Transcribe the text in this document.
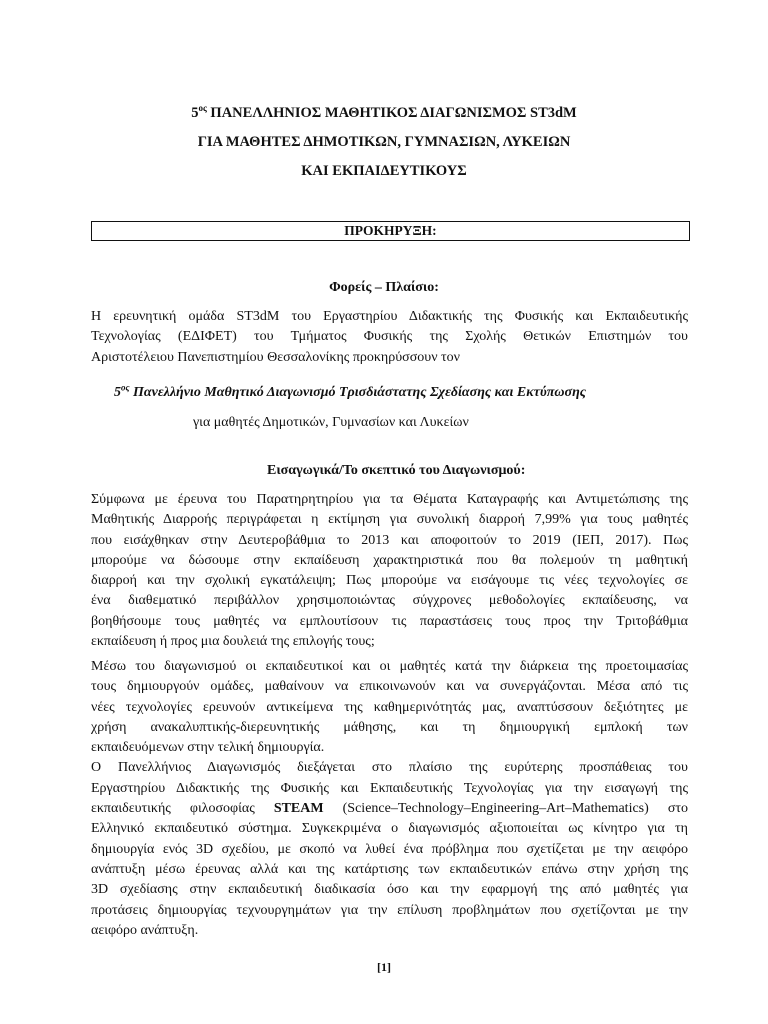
$5^{o\varsigma}$ ΠΑΝΕΛΛΗΝΙΟΣ ΜΑΘΗΤΙΚΟΣ ΔΙΑΓΩΝΙΣΜΟΣ ST3dM
ΓΙΑ ΜΑΘΗΤΕΣ ΔΗΜΟΤΙΚΩΝ, ΓΥΜΝΑΣΙΩΝ, ΛΥΚΕΙΩΝ
ΚΑΙ ΕΚΠΑΙΔΕΥΤΙΚΟΥΣ
ΠΡΟΚΗΡΥΞΗ:
Φορείς – Πλαίσιο:
Η ερευνητική ομάδα ST3dM του Εργαστηρίου Διδακτικής της Φυσικής και Εκπαιδευτικής
Τεχνολογίας (ΕΔΙΦΕΤ) του Τμήματος Φυσικής της Σχολής Θετικών Επιστημών του
Αριστοτέλειου Πανεπιστημίου Θεσσαλονίκης προκηρύσσουν τον
$5^{o\varsigma}$ Πανελλήνιο Μαθητικό Διαγωνισμό Τρισδιάστατης Σχεδίασης και Εκτύπωσης
για μαθητές Δημοτικών, Γυμνασίων και Λυκείων
Εισαγωγικά/Το σκεπτικό του Διαγωνισμού:
Σύμφωνα με έρευνα του Παρατηρητηρίου για τα Θέματα Καταγραφής και Αντιμετώπισης της
Μαθητικής Διαρροής περιγράφεται η εκτίμηση για συνολική διαρροή 7,99% για τους μαθητές
που εισάχθηκαν στην Δευτεροβάθμια το 2013 και αποφοιτούν το 2019 (ΙΕΠ, 2017). Πως
μπορούμε να δώσουμε στην εκπαίδευση χαρακτηριστικά που θα πολεμούν τη μαθητική
διαρροή και την σχολική εγκατάλειψη; Πως μπορούμε να εισάγουμε τις νέες τεχνολογίες σε
ένα διαθεματικό περιβάλλον χρησιμοποιώντας σύγχρονες μεθοδολογίες εκπαίδευσης, να
βοηθήσουμε τους μαθητές να εμπλουτίσουν τις παραστάσεις τους προς την Τριτοβάθμια
εκπαίδευση ή προς μια δουλειά της επιλογής τους;
Μέσω του διαγωνισμού οι εκπαιδευτικοί και οι μαθητές κατά την διάρκεια της προετοιμασίας
τους δημιουργούν ομάδες, μαθαίνουν να επικοινωνούν και να συνεργάζονται. Μέσα από τις
νέες τεχνολογίες ερευνούν αντικείμενα της καθημερινότητάς μας, αναπτύσσουν δεξιότητες με
χρήση ανακαλυπτικής-διερευνητικής μάθησης, και τη δημιουργική εμπλοκή των
εκπαιδευόμενων στην τελική δημιουργία.
Ο Πανελλήνιος Διαγωνισμός διεξάγεται στο πλαίσιο της ευρύτερης προσπάθειας του
Εργαστηρίου Διδακτικής της Φυσικής και Εκπαιδευτικής Τεχνολογίας για την εισαγωγή της
εκπαιδευτικής φιλοσοφίας STEAM (Science–Technology–Engineering–Art–Mathematics) στο
Ελληνικό εκπαιδευτικό σύστημα. Συγκεκριμένα ο διαγωνισμός αξιοποιείται ως κίνητρο για τη
δημιουργία ενός 3D σχεδίου, με σκοπό να λυθεί ένα πρόβλημα που σχετίζεται με την αειφόρο
ανάπτυξη μέσω έρευνας αλλά και της κατάρτισης των εκπαιδευτικών επάνω στην χρήση της
3D σχεδίασης στην εκπαιδευτική διαδικασία όσο και την εφαρμογή της από μαθητές για
προτάσεις δημιουργίας τεχνουργημάτων για την επίλυση προβλημάτων που σχετίζονται με την
αειφόρο ανάπτυξη.
[1]
